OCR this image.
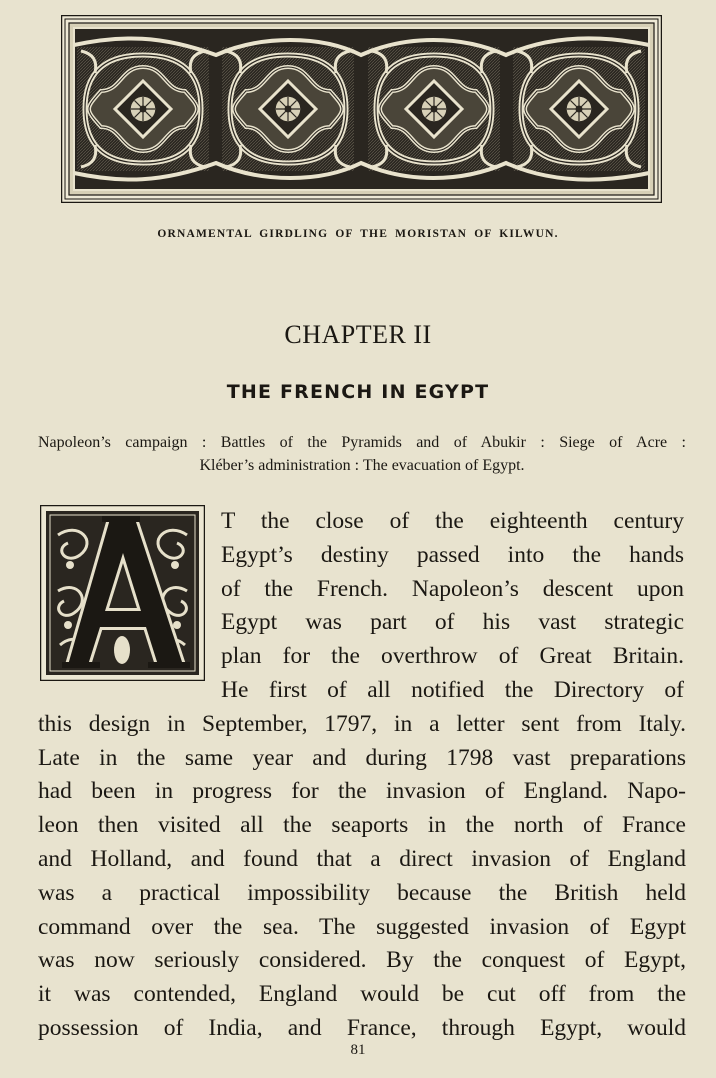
ORNAMENTAL GIRDLING OF THE MORISTAN OF KILWUN.
CHAPTER II
THE FRENCH IN EGYPT
Napoleon’s campaign : Battles of the Pyramids and of Abukir : Siege of Acre :
Kléber’s administration : The evacuation of Egypt.
T the close of the eighteenth century
Egypt’s destiny passed into the hands
of the French. Napoleon’s descent upon
Egypt was part of his vast strategic
plan for the overthrow of Great Britain.
He first of all notified the Directory of
this design in September, 1797, in a letter sent from Italy.
Late in the same year and during 1798 vast preparations
had been in progress for the invasion of England. Napo-
leon then visited all the seaports in the north of France
and Holland, and found that a direct invasion of England
was a practical impossibility because the British held
command over the sea. The suggested invasion of Egypt
was now seriously considered. By the conquest of Egypt,
it was contended, England would be cut off from the
possession of India, and France, through Egypt, would
81
